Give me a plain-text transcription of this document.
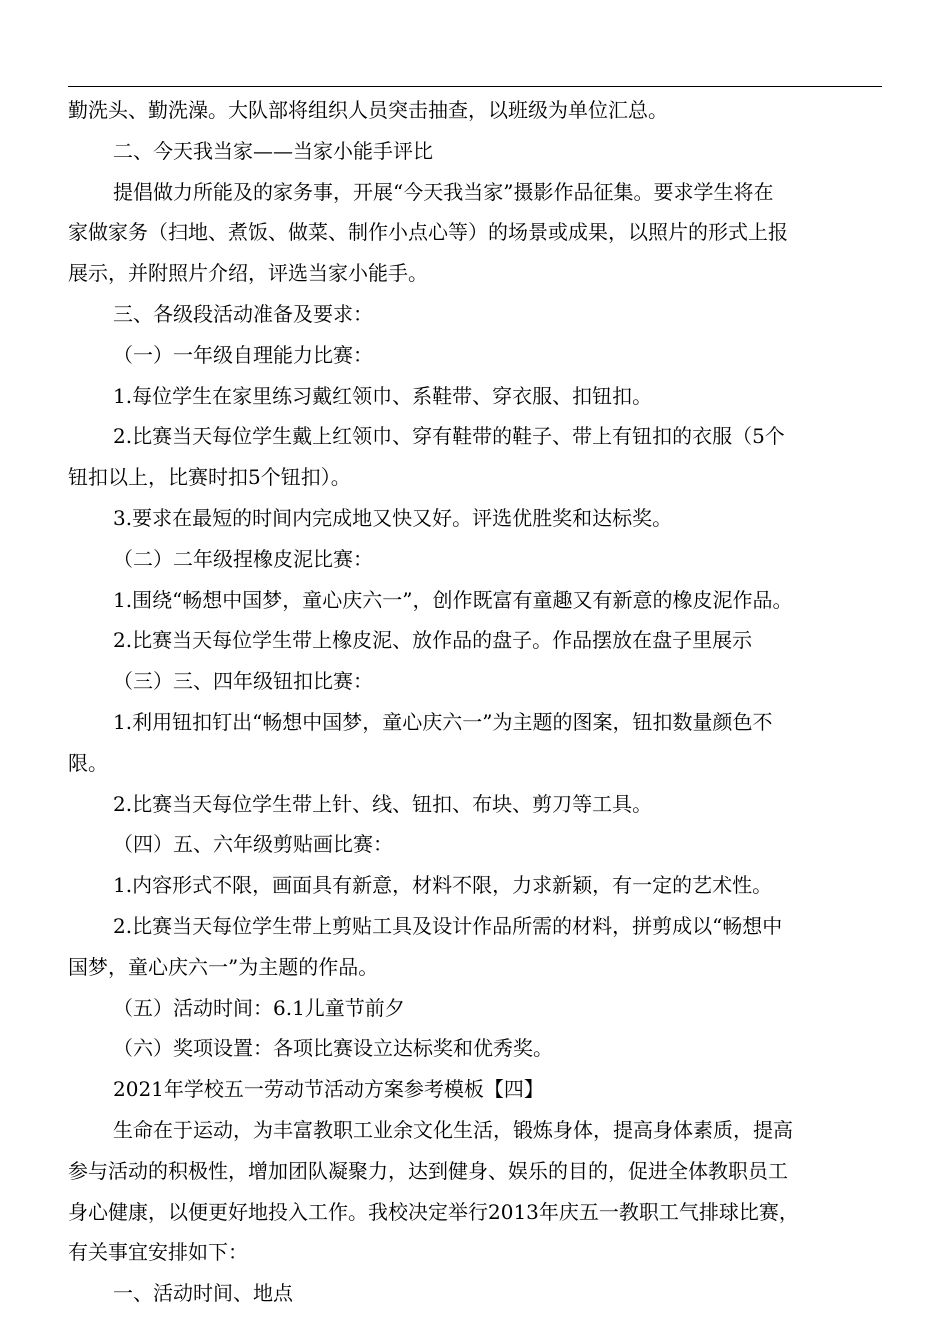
勤洗头、勤洗澡。大队部将组织人员突击抽查，以班级为单位汇总。
二、今天我当家——当家小能手评比
提倡做力所能及的家务事，开展“今天我当家”摄影作品征集。要求学生将在
家做家务（扫地、煮饭、做菜、制作小点心等）的场景或成果，以照片的形式上报
展示，并附照片介绍，评选当家小能手。
三、各级段活动准备及要求：
（一）一年级自理能力比赛：
1.每位学生在家里练习戴红领巾、系鞋带、穿衣服、扣钮扣。
2.比赛当天每位学生戴上红领巾、穿有鞋带的鞋子、带上有钮扣的衣服（5个
钮扣以上，比赛时扣5个钮扣）。
3.要求在最短的时间内完成地又快又好。评选优胜奖和达标奖。
（二）二年级捏橡皮泥比赛：
1.围绕“畅想中国梦，童心庆六一”，创作既富有童趣又有新意的橡皮泥作品。
2.比赛当天每位学生带上橡皮泥、放作品的盘子。作品摆放在盘子里展示
（三）三、四年级钮扣比赛：
1.利用钮扣钉出“畅想中国梦，童心庆六一”为主题的图案，钮扣数量颜色不
限。
2.比赛当天每位学生带上针、线、钮扣、布块、剪刀等工具。
（四）五、六年级剪贴画比赛：
1.内容形式不限，画面具有新意，材料不限，力求新颖，有一定的艺术性。
2.比赛当天每位学生带上剪贴工具及设计作品所需的材料，拼剪成以“畅想中
国梦，童心庆六一”为主题的作品。
（五）活动时间：6.1儿童节前夕
（六）奖项设置：各项比赛设立达标奖和优秀奖。
2021年学校五一劳动节活动方案参考模板【四】
生命在于运动，为丰富教职工业余文化生活，锻炼身体，提高身体素质，提高
参与活动的积极性，增加团队凝聚力，达到健身、娱乐的目的，促进全体教职员工
身心健康，以便更好地投入工作。我校决定举行2013年庆五一教职工气排球比赛，
有关事宜安排如下：
一、活动时间、地点
